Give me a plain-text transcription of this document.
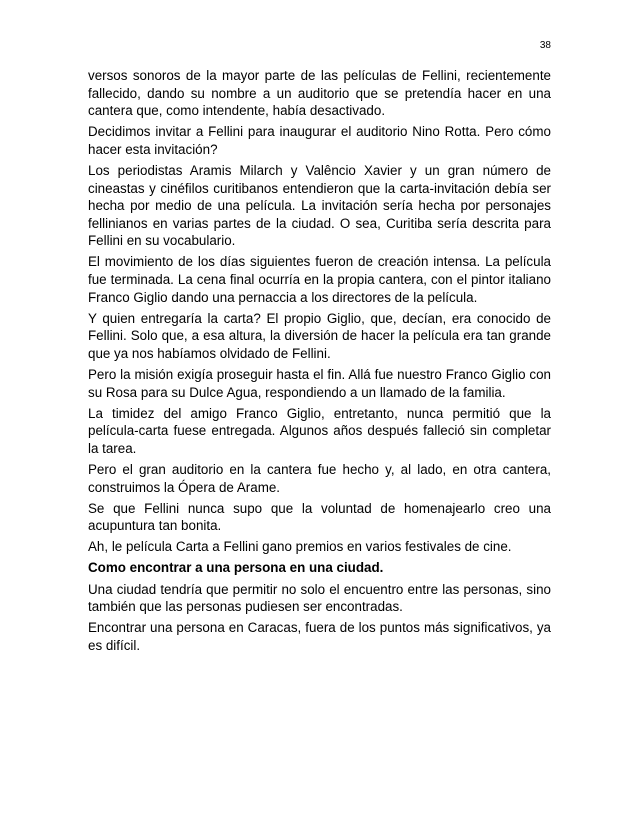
38

versos sonoros de la mayor parte de las películas de Fellini, recientemente fallecido, dando su nombre a un auditorio que se pretendía hacer en una cantera que, como intendente, había desactivado.

Decidimos invitar a Fellini para inaugurar el auditorio Nino Rotta. Pero cómo hacer esta invitación?

Los periodistas Aramis Milarch y Valêncio Xavier y un gran número de cineastas y cinéfilos curitibanos entendieron que la carta-invitación debía ser hecha por medio de una película. La invitación sería hecha por personajes fellinianos en varias partes de la ciudad. O sea, Curitiba sería descrita para Fellini en su vocabulario.

El movimiento de los días siguientes fueron de creación intensa. La película fue terminada. La cena final ocurría en la propia cantera, con el pintor italiano Franco Giglio dando una pernaccia a los directores de la película.

Y quien entregaría la carta? El propio Giglio, que, decían, era conocido de Fellini. Solo que, a esa altura, la diversión de hacer la película era tan grande que ya nos habíamos olvidado de Fellini.

Pero la misión exigía proseguir hasta el fin. Allá fue nuestro Franco Giglio con su Rosa para su Dulce Agua, respondiendo a un llamado de la familia.

La timidez del amigo Franco Giglio, entretanto, nunca permitió que la película-carta fuese entregada. Algunos años después falleció sin completar la tarea.

Pero el gran auditorio en la cantera fue hecho y, al lado, en otra cantera, construimos la Ópera de Arame.

Se que Fellini nunca supo que la voluntad de homenajearlo creo una acupuntura tan bonita.

Ah, le película Carta a Fellini gano premios en varios festivales de cine.

Como encontrar a una persona en una ciudad.

Una ciudad tendría que permitir no solo el encuentro entre las personas, sino también que las personas pudiesen ser encontradas.

Encontrar una persona en Caracas, fuera de los puntos más significativos, ya es difícil.
